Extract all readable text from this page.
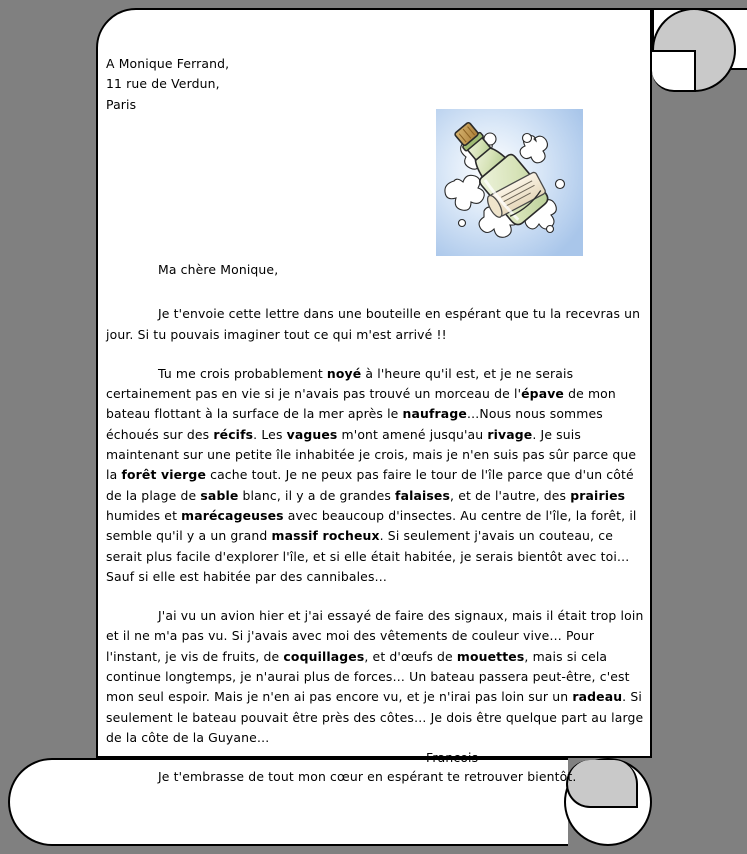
A Monique Ferrand,
11 rue de Verdun,
Paris
Ma chère Monique,

Je t'envoie cette lettre dans une bouteille en espérant que tu la recevras un jour. Si tu pouvais imaginer tout ce qui m'est arrivé !!

Tu me crois probablement noyé à l'heure qu'il est, et je ne serais certainement pas en vie si je n'avais pas trouvé un morceau de l'épave de mon bateau flottant à la surface de la mer après le naufrage…Nous nous sommes échoués sur des récifs. Les vagues m'ont amené jusqu'au rivage. Je suis maintenant sur une petite île inhabitée je crois, mais je n'en suis pas sûr parce que la forêt vierge cache tout. Je ne peux pas faire le tour de l'île parce que d'un côté de la plage de sable blanc, il y a de grandes falaises, et de l'autre, des prairies humides et marécageuses avec beaucoup d'insectes. Au centre de l'île, la forêt, il semble qu'il y a un grand massif rocheux. Si seulement j'avais un couteau, ce serait plus facile d'explorer l'île, et si elle était habitée, je serais bientôt avec toi… Sauf si elle est habitée par des cannibales…

J'ai vu un avion hier et j'ai essayé de faire des signaux, mais il était trop loin et il ne m'a pas vu. Si j'avais avec moi des vêtements de couleur vive… Pour l'instant, je vis de fruits, de coquillages, et d'œufs de mouettes, mais si cela continue longtemps, je n'aurai plus de forces… Un bateau passera peut-être, c'est mon seul espoir. Mais je n'en ai pas encore vu, et je n'irai pas loin sur un radeau. Si seulement le bateau pouvait être près des côtes… Je dois être quelque part au large de la côte de la Guyane…

Je t'embrasse de tout mon cœur en espérant te retrouver bientôt.

Francois
